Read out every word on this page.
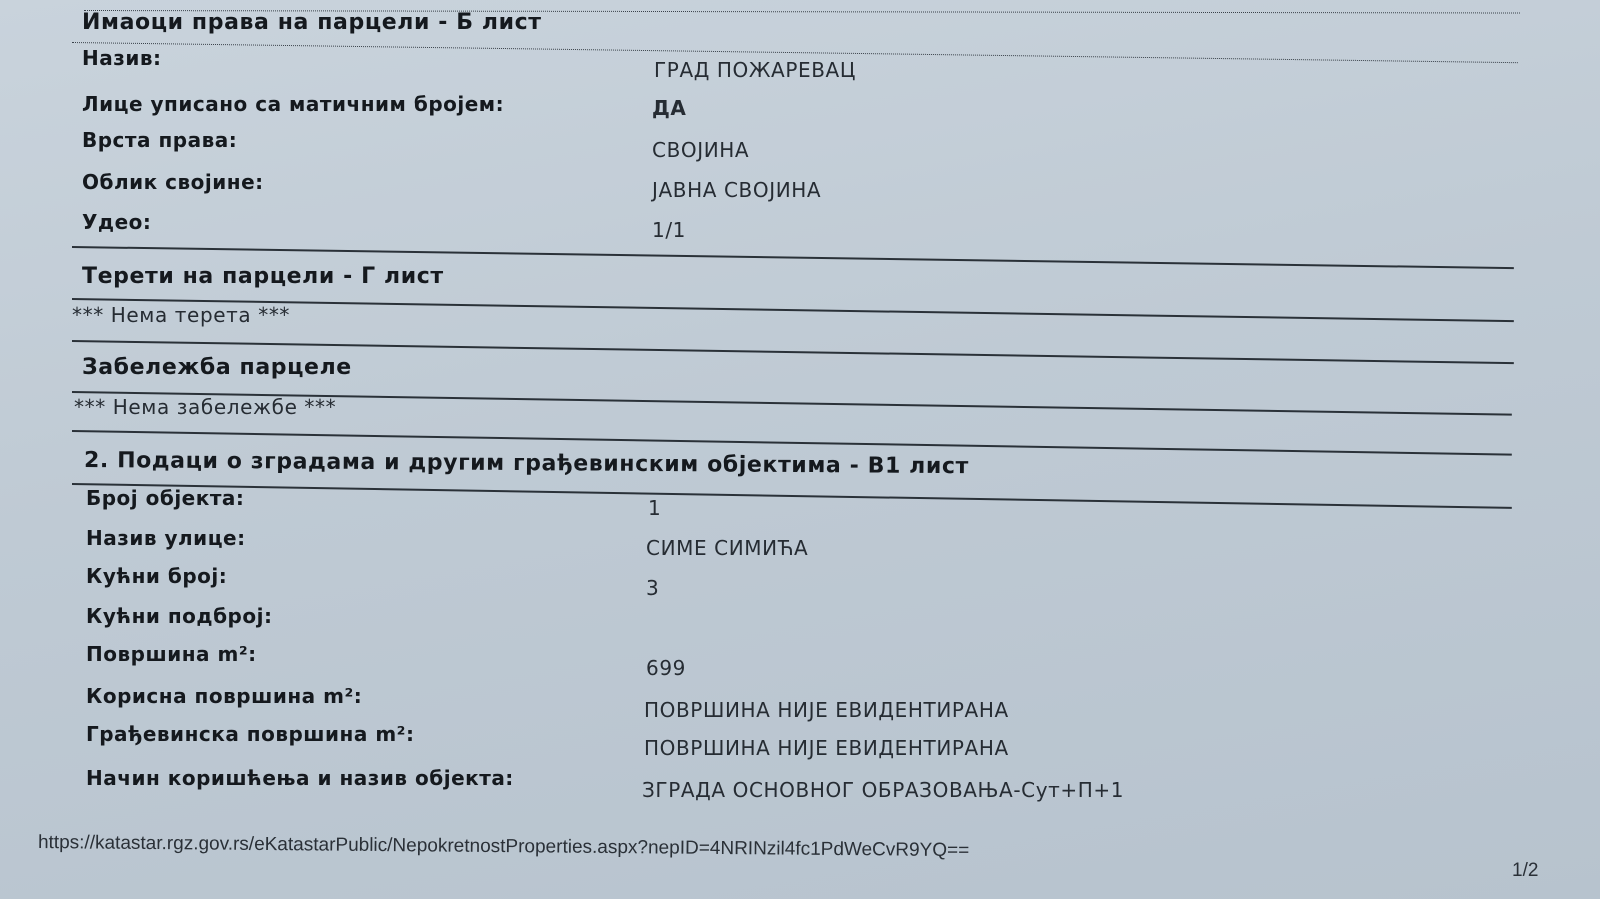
Имаоци права на парцели - Б лист
Назив:	ГРАД ПОЖАРЕВАЦ
Лице уписано са матичним бројем:	ДА
Врста права:	СВОЈИНА
Облик својине:	ЈАВНА СВОЈИНА
Удео:	1/1
Терети на парцели - Г лист
*** Нема терета ***
Забележба парцеле
*** Нема забележбе ***
2. Подаци о зградама и другим грађевинским објектима - В1 лист
Број објекта:	1
Назив улице:	СИМЕ СИМИЋА
Кућни број:	3
Кућни подброј:
Површина m²:
699
Корисна површина m²:
ПОВРШИНА НИЈЕ ЕВИДЕНТИРАНА
Грађевинска површина m²:
ПОВРШИНА НИЈЕ ЕВИДЕНТИРАНА
Начин коришћења и назив објекта:	ЗГРАДА ОСНОВНОГ ОБРАЗОВАЊА-Сут+П+1
https://katastar.rgz.gov.rs/eKatastarPublic/NepokretnostProperties.aspx?nepID=4NRINzil4fc1PdWeCvR9YQ==
1/2
